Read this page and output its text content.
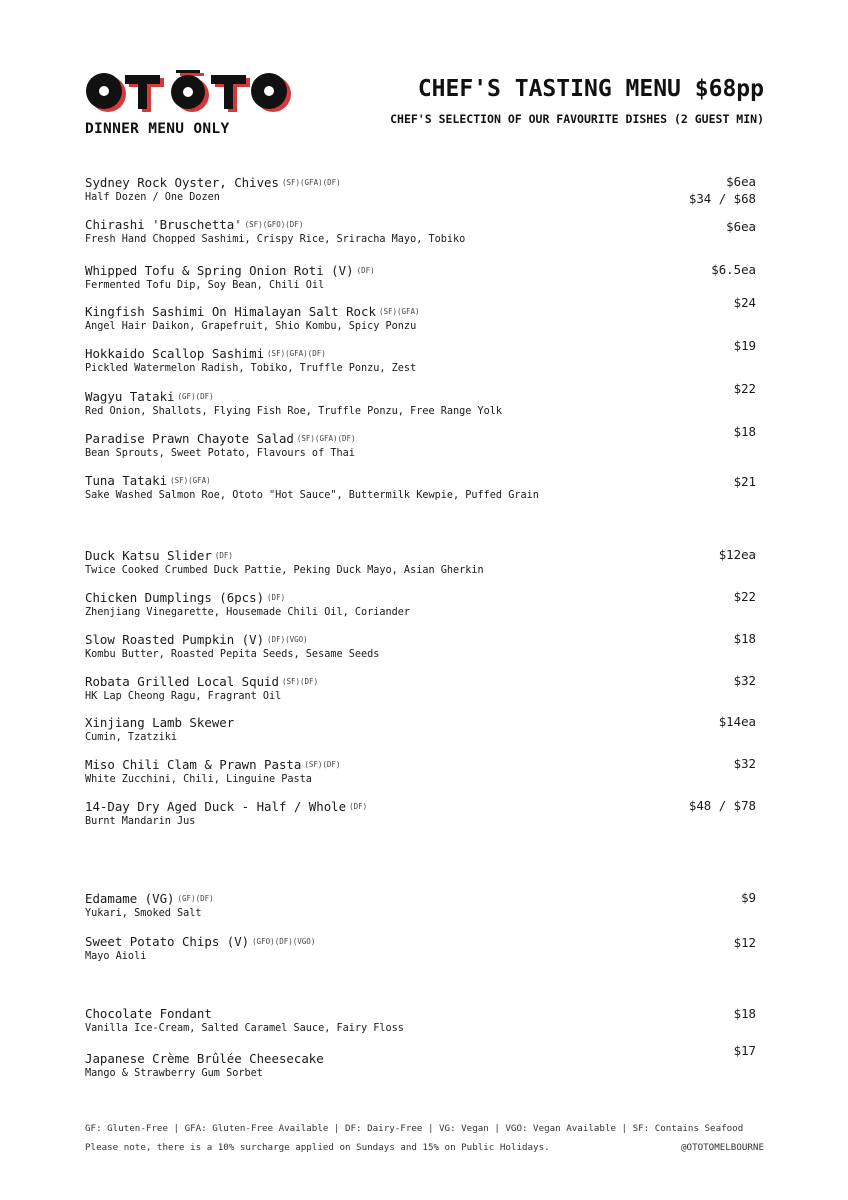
DINNER MENU ONLY
CHEF'S TASTING MENU $68pp
CHEF'S SELECTION OF OUR FAVOURITE DISHES (2 GUEST MIN)
Sydney Rock Oyster, Chives (SF)(GFA)(DF)
Half Dozen / One Dozen
$6ea
$34 / $68
Chirashi 'Bruschetta' (SF)(GFO)(DF)
Fresh Hand Chopped Sashimi, Crispy Rice, Sriracha Mayo, Tobiko
$6ea
Whipped Tofu & Spring Onion Roti (V) (DF)
Fermented Tofu Dip, Soy Bean, Chili Oil
$6.5ea
Kingfish Sashimi On Himalayan Salt Rock (SF)(GFA)
Angel Hair Daikon, Grapefruit, Shio Kombu, Spicy Ponzu
$24
Hokkaido Scallop Sashimi (SF)(GFA)(DF)
Pickled Watermelon Radish, Tobiko, Truffle Ponzu, Zest
$19
Wagyu Tataki (GF)(DF)
Red Onion, Shallots, Flying Fish Roe, Truffle Ponzu, Free Range Yolk
$22
Paradise Prawn Chayote Salad (SF)(GFA)(DF)
Bean Sprouts, Sweet Potato, Flavours of Thai
$18
Tuna Tataki (SF)(GFA)
Sake Washed Salmon Roe, Ototo "Hot Sauce", Buttermilk Kewpie, Puffed Grain
$21
Duck Katsu Slider (DF)
Twice Cooked Crumbed Duck Pattie, Peking Duck Mayo, Asian Gherkin
$12ea
Chicken Dumplings (6pcs) (DF)
Zhenjiang Vinegarette, Housemade Chili Oil, Coriander
$22
Slow Roasted Pumpkin (V) (DF)(VGO)
Kombu Butter, Roasted Pepita Seeds, Sesame Seeds
$18
Robata Grilled Local Squid (SF)(DF)
HK Lap Cheong Ragu, Fragrant Oil
$32
Xinjiang Lamb Skewer
Cumin, Tzatziki
$14ea
Miso Chili Clam & Prawn Pasta (SF)(DF)
White Zucchini, Chili, Linguine Pasta
$32
14-Day Dry Aged Duck - Half / Whole (DF)
Burnt Mandarin Jus
$48 / $78
Edamame (VG) (GF)(DF)
Yukari, Smoked Salt
$9
Sweet Potato Chips (V) (GFO)(DF)(VGO)
Mayo Aioli
$12
Chocolate Fondant
Vanilla Ice-Cream, Salted Caramel Sauce, Fairy Floss
$18
Japanese Crème Brûlée Cheesecake
Mango & Strawberry Gum Sorbet
$17
GF: Gluten-Free | GFA: Gluten-Free Available | DF: Dairy-Free | VG: Vegan | VGO: Vegan Available | SF: Contains Seafood
Please note, there is a 10% surcharge applied on Sundays and 15% on Public Holidays.	@OTOTOMELBOURNE
